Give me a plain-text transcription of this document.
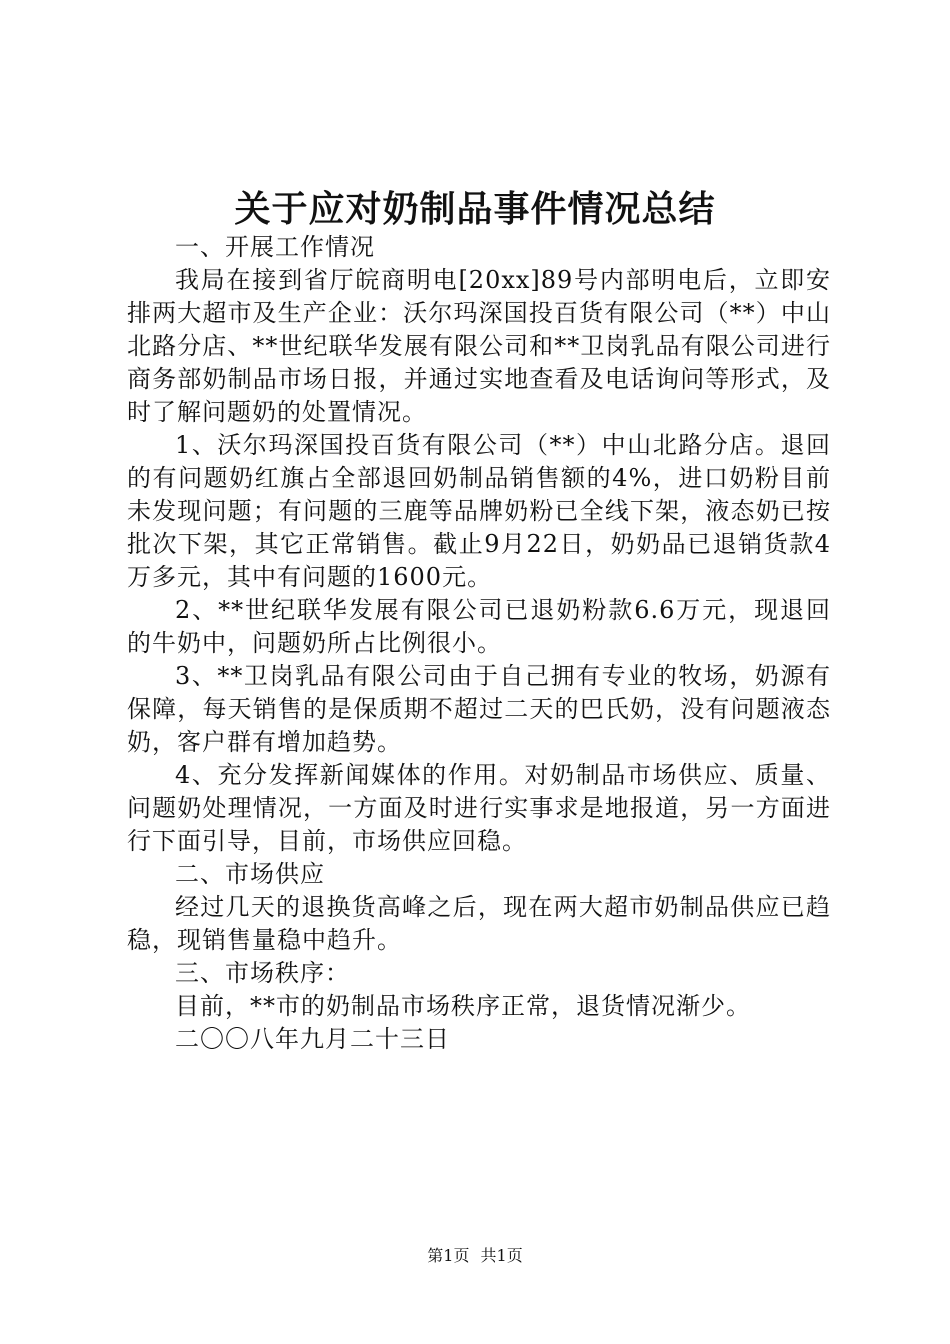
关于应对奶制品事件情况总结

一、开展工作情况

我局在接到省厅皖商明电[20xx]89号内部明电后，立即安排两大超市及生产企业：沃尔玛深国投百货有限公司（**）中山北路分店、**世纪联华发展有限公司和**卫岗乳品有限公司进行商务部奶制品市场日报，并通过实地查看及电话询问等形式，及时了解问题奶的处置情况。

1、沃尔玛深国投百货有限公司（**）中山北路分店。退回的有问题奶红旗占全部退回奶制品销售额的4%，进口奶粉目前未发现问题；有问题的三鹿等品牌奶粉已全线下架，液态奶已按批次下架，其它正常销售。截止9月22日，奶奶品已退销货款4万多元，其中有问题的1600元。

2、**世纪联华发展有限公司已退奶粉款6.6万元，现退回的牛奶中，问题奶所占比例很小。

3、**卫岗乳品有限公司由于自己拥有专业的牧场，奶源有保障，每天销售的是保质期不超过二天的巴氏奶，没有问题液态奶，客户群有增加趋势。

4、充分发挥新闻媒体的作用。对奶制品市场供应、质量、问题奶处理情况，一方面及时进行实事求是地报道，另一方面进行下面引导，目前，市场供应回稳。

二、市场供应

经过几天的退换货高峰之后，现在两大超市奶制品供应已趋稳，现销售量稳中趋升。

三、市场秩序：

目前，**市的奶制品市场秩序正常，退货情况渐少。

二〇〇八年九月二十三日

第1页 共1页
